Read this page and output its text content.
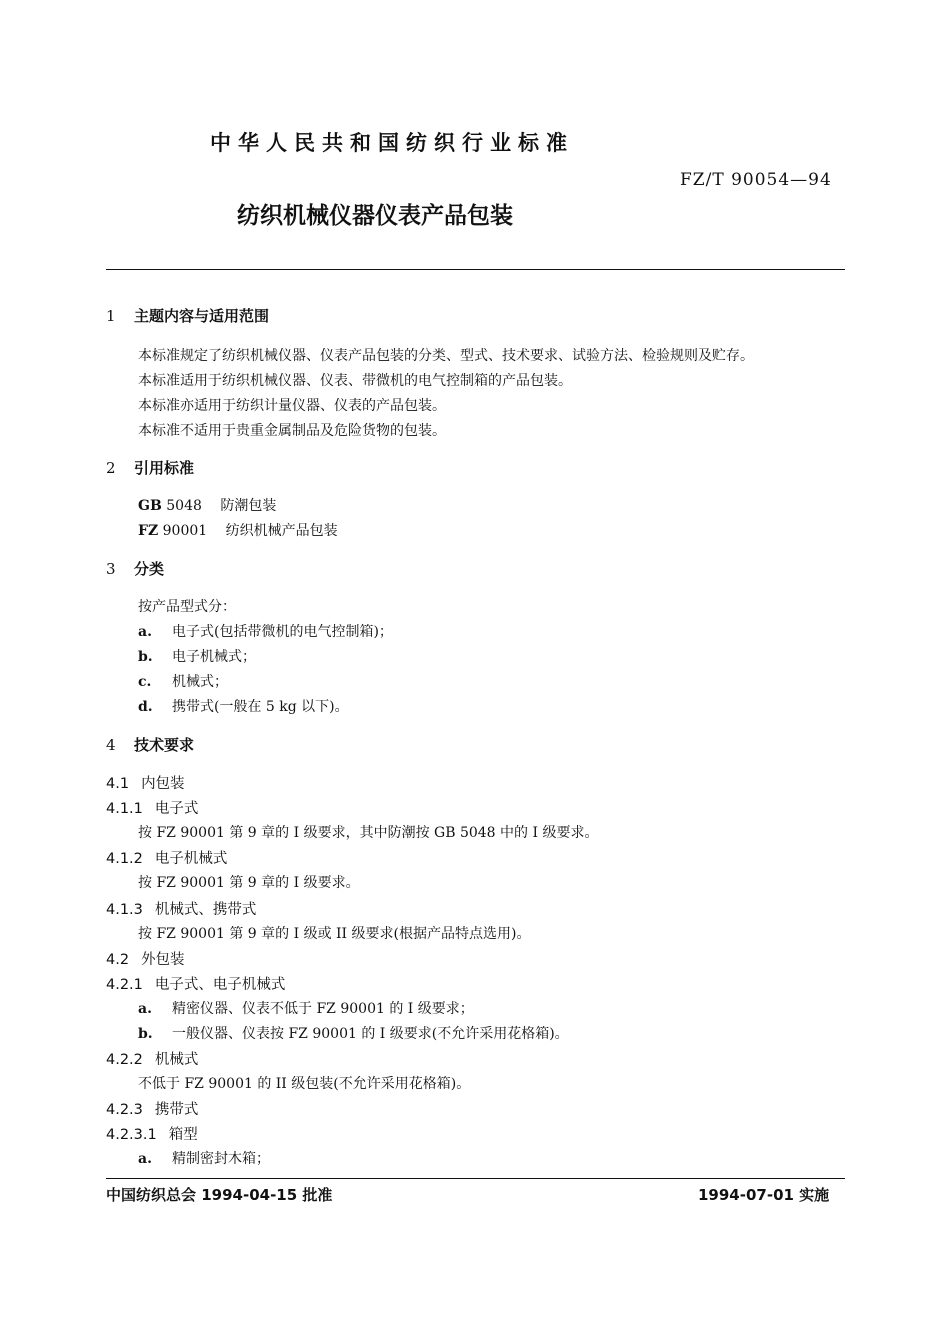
中华人民共和国纺织行业标准
FZ/T 90054—94
纺织机械仪器仪表产品包装
1 主题内容与适用范围
本标准规定了纺织机械仪器、仪表产品包装的分类、型式、技术要求、试验方法、检验规则及贮存。
本标准适用于纺织机械仪器、仪表、带微机的电气控制箱的产品包装。
本标准亦适用于纺织计量仪器、仪表的产品包装。
本标准不适用于贵重金属制品及危险货物的包装。
2 引用标准
GB 5048 防潮包装
FZ 90001 纺织机械产品包装
3 分类
按产品型式分：
a. 电子式(包括带微机的电气控制箱)；
b. 电子机械式；
c. 机械式；
d. 携带式(一般在 5 kg 以下)。
4 技术要求
4.1 内包装
4.1.1 电子式
按 FZ 90001 第 9 章的 I 级要求，其中防潮按 GB 5048 中的 I 级要求。
4.1.2 电子机械式
按 FZ 90001 第 9 章的 I 级要求。
4.1.3 机械式、携带式
按 FZ 90001 第 9 章的 I 级或 II 级要求(根据产品特点选用)。
4.2 外包装
4.2.1 电子式、电子机械式
a. 精密仪器、仪表不低于 FZ 90001 的 I 级要求；
b. 一般仪器、仪表按 FZ 90001 的 I 级要求(不允许采用花格箱)。
4.2.2 机械式
不低于 FZ 90001 的 II 级包装(不允许采用花格箱)。
4.2.3 携带式
4.2.3.1 箱型
a. 精制密封木箱；
中国纺织总会 1994-04-15 批准	1994-07-01 实施
